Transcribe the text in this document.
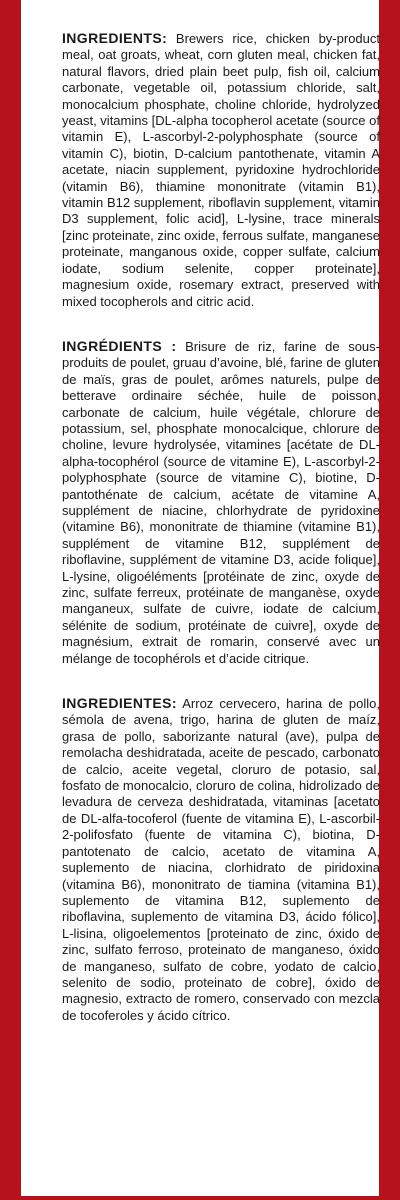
INGREDIENTS: Brewers rice, chicken by-product meal, oat groats, wheat, corn gluten meal, chicken fat, natural flavors, dried plain beet pulp, fish oil, calcium carbonate, vegetable oil, potassium chloride, salt, monocalcium phosphate, choline chloride, hydrolyzed yeast, vitamins [DL-alpha tocopherol acetate (source of vitamin E), L-ascorbyl-2-polyphosphate (source of vitamin C), biotin, D-calcium pantothenate, vitamin A acetate, niacin supplement, pyridoxine hydrochloride (vitamin B6), thiamine mononitrate (vitamin B1), vitamin B12 supplement, riboflavin supplement, vitamin D3 supplement, folic acid], L-lysine, trace minerals [zinc proteinate, zinc oxide, ferrous sulfate, manganese proteinate, manganous oxide, copper sulfate, calcium iodate, sodium selenite, copper proteinate], magnesium oxide, rosemary extract, preserved with mixed tocopherols and citric acid.

INGRÉDIENTS : Brisure de riz, farine de sous-produits de poulet, gruau d’avoine, blé, farine de gluten de maïs, gras de poulet, arômes naturels, pulpe de betterave ordinaire séchée, huile de poisson, carbonate de calcium, huile végétale, chlorure de potassium, sel, phosphate monocalcique, chlorure de choline, levure hydrolysée, vitamines [acétate de DL-alpha-tocophérol (source de vitamine E), L-ascorbyl-2-polyphosphate (source de vitamine C), biotine, D-pantothénate de calcium, acétate de vitamine A, supplément de niacine, chlorhydrate de pyridoxine (vitamine B6), mononitrate de thiamine (vitamine B1), supplément de vitamine B12, supplément de riboflavine, supplément de vitamine D3, acide folique], L-lysine, oligoéléments [protéinate de zinc, oxyde de zinc, sulfate ferreux, protéinate de manganèse, oxyde manganeux, sulfate de cuivre, iodate de calcium, sélénite de sodium, protéinate de cuivre], oxyde de magnésium, extrait de romarin, conservé avec un mélange de tocophérols et d’acide citrique.

INGREDIENTES: Arroz cervecero, harina de pollo, sémola de avena, trigo, harina de gluten de maíz, grasa de pollo, saborizante natural (ave), pulpa de remolacha deshidratada, aceite de pescado, carbonato de calcio, aceite vegetal, cloruro de potasio, sal, fosfato de monocalcio, cloruro de colina, hidrolizado de levadura de cerveza deshidratada, vitaminas [acetato de DL-alfa-tocoferol (fuente de vitamina E), L-ascorbil-2-polifosfato (fuente de vitamina C), biotina, D-pantotenato de calcio, acetato de vitamina A, suplemento de niacina, clorhidrato de piridoxina (vitamina B6), mononitrato de tiamina (vitamina B1), suplemento de vitamina B12, suplemento de riboflavina, suplemento de vitamina D3, ácido fólico], L-lisina, oligoelementos [proteinato de zinc, óxido de zinc, sulfato ferroso, proteinato de manganeso, óxido de manganeso, sulfato de cobre, yodato de calcio, selenito de sodio, proteinato de cobre], óxido de magnesio, extracto de romero, conservado con mezcla de tocoferoles y ácido cítrico.
